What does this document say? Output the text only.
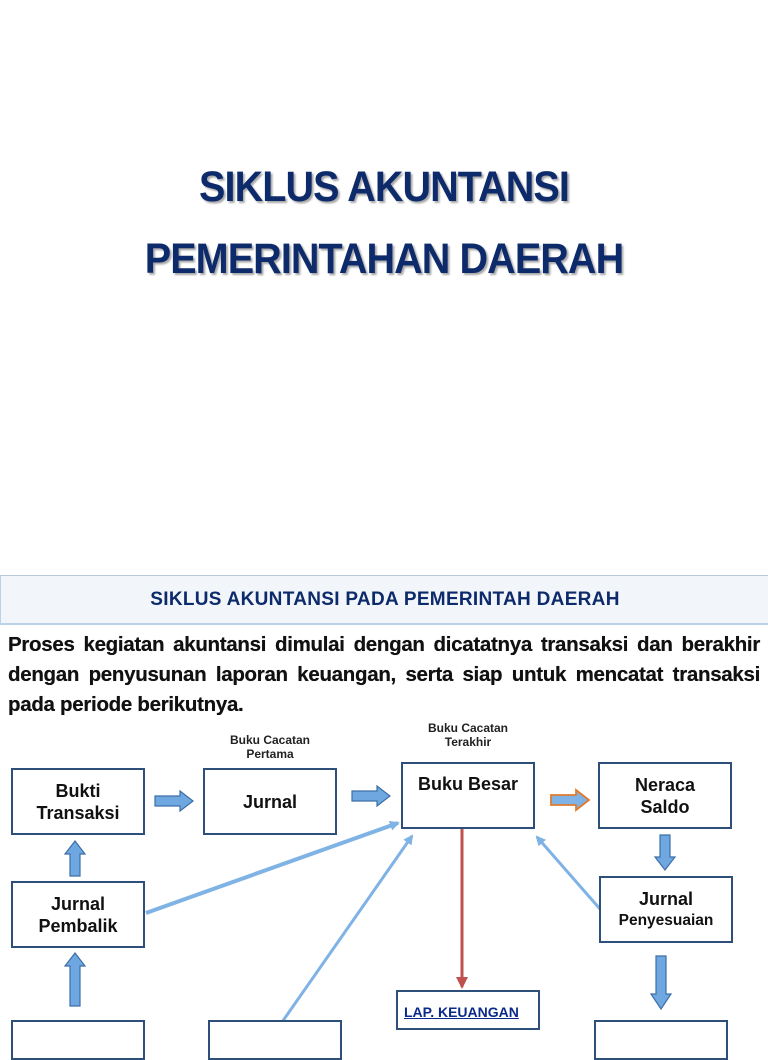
SIKLUS AKUNTANSI
PEMERINTAHAN DAERAH
SIKLUS AKUNTANSI PADA PEMERINTAH DAERAH
Proses kegiatan akuntansi dimulai dengan dicatatnya transaksi dan berakhir dengan penyusunan laporan keuangan, serta siap untuk mencatat transaksi pada periode berikutnya.
Buku Cacatan Pertama
Buku Cacatan Terakhir
Bukti Transaksi
Jurnal
Buku Besar	Neraca Saldo
Jurnal
Pembalik
Jurnal
Penyesuaian
LAP. KEUANGAN
